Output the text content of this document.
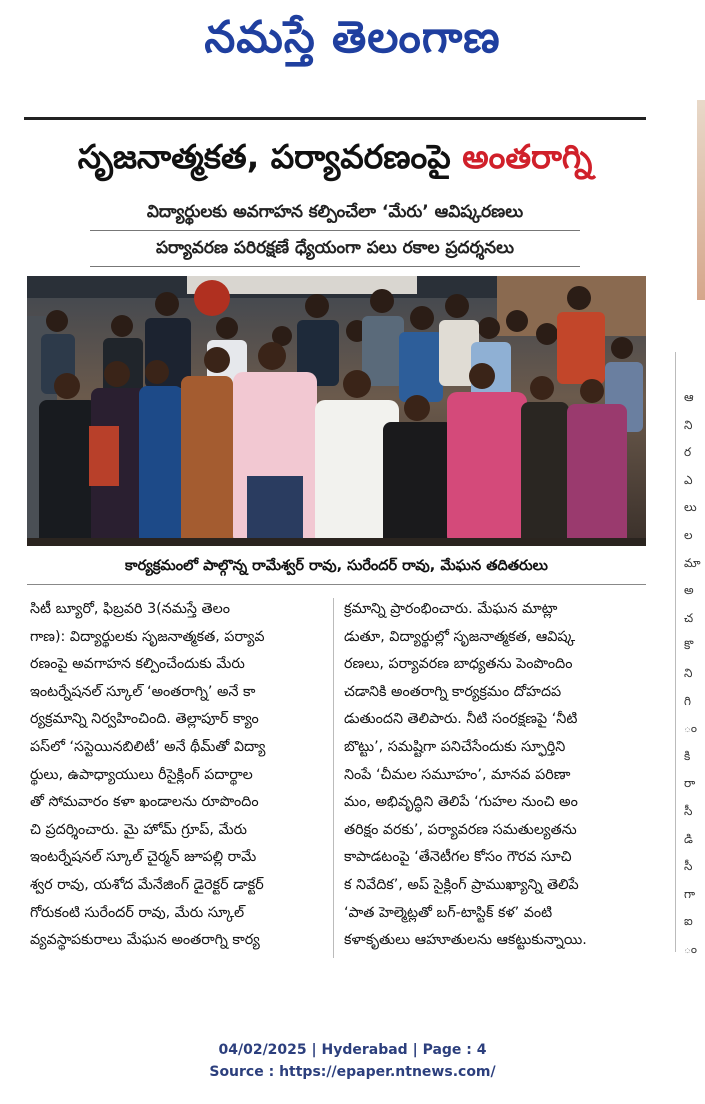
నమస్తే తెలంగాణ
సృజనాత్మకత, పర్యావరణంపై అంతరాగ్ని
విద్యార్థులకు అవగాహన కల్పించేలా ‘మేరు’ ఆవిష్కరణలు
పర్యావరణ పరిరక్షణే ధ్యేయంగా పలు రకాల ప్రదర్శనలు
కార్యక్రమంలో పాల్గొన్న రామేశ్వర్ రావు, సురేందర్ రావు, మేఘన తదితరులు
సిటీ బ్యూరో, ఫిబ్రవరి 3(నమస్తే తెలం
గాణ): విద్యార్థులకు సృజనాత్మకత, పర్యావ
రణంపై అవగాహన కల్పించేందుకు మేరు
ఇంటర్నేషనల్ స్కూల్ ‘అంతరాగ్ని’ అనే కా
ర్యక్రమాన్ని నిర్వహించింది. తెల్లాపూర్ క్యాం
పస్‌లో ‘సస్టెయినబిలిటీ’ అనే థీమ్‌తో విద్యా
ర్థులు, ఉపాధ్యాయులు రీసైక్లింగ్ పదార్థాల
తో సోమవారం కళా ఖండాలను రూపొందిం
చి ప్రదర్శించారు. మై హోమ్ గ్రూప్, మేరు
ఇంటర్నేషనల్ స్కూల్ చైర్మన్ జూపల్లి రామే
శ్వర రావు, యశోద మేనేజింగ్ డైరెక్టర్ డాక్టర్
గోరుకంటి సురేందర్ రావు, మేరు స్కూల్
వ్యవస్థాపకురాలు మేఘన అంతరాగ్ని కార్య
క్రమాన్ని ప్రారంభించారు. మేఘన మాట్లా
డుతూ, విద్యార్థుల్లో సృజనాత్మకత, ఆవిష్క
రణలు, పర్యావరణ బాధ్యతను పెంపొందిం
చడానికి అంతరాగ్ని కార్యక్రమం దోహదప
డుతుందని తెలిపారు. నీటి సంరక్షణపై ‘నీటి
బొట్టు’, సమష్టిగా పనిచేసేందుకు స్ఫూర్తిని
నింపే ‘చీమల సమూహం’, మానవ పరిణా
మం, అభివృద్ధిని తెలిపే ‘గుహల నుంచి అం
తరిక్షం వరకు’, పర్యావరణ సమతుల్యతను
కాపాడటంపై ‘తేనెటీగల కోసం గౌరవ సూచి
క నివేదిక’, అప్ సైక్లింగ్ ప్రాముఖ్యాన్ని తెలిపే
‘పాత హెల్మెట్లతో బగ్-టాస్టిక్ కళ’ వంటి
కళాకృతులు ఆహూతులను ఆకట్టుకున్నాయి.
ఆ
ని
ర
ఎ
లు
ల
మా
అ
చ
కొ
ని
గి
ం
కి
రా
సీ
డి
సీ
గా
ఐ
ం
04/02/2025 | Hyderabad | Page : 4
Source : https://epaper.ntnews.com/
